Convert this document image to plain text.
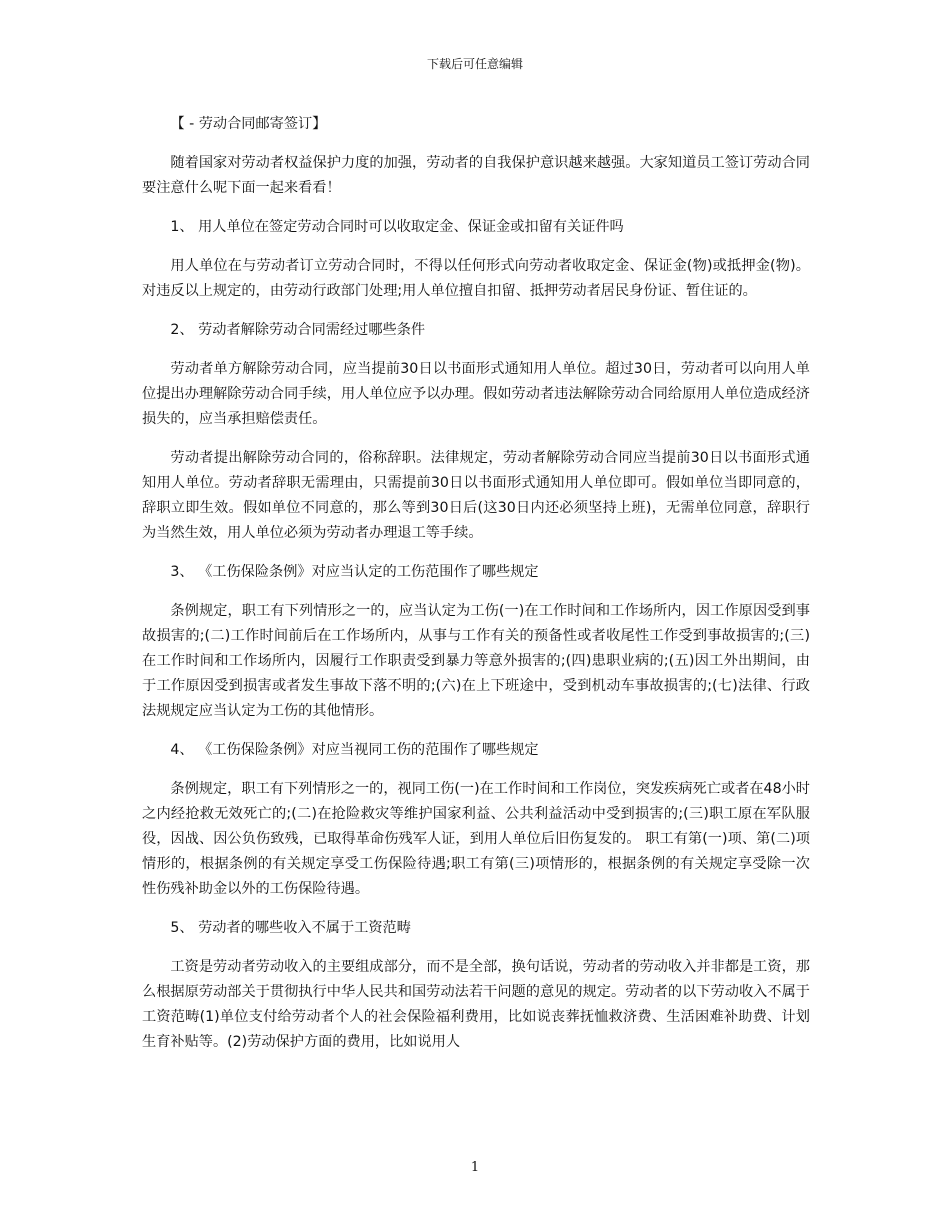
下载后可任意编辑
【 - 劳动合同邮寄签订】
随着国家对劳动者权益保护力度的加强，劳动者的自我保护意识越来越强。大家知道员工签订劳动合同要注意什么呢下面一起来看看！
1、 用人单位在签定劳动合同时可以收取定金、保证金或扣留有关证件吗
用人单位在与劳动者订立劳动合同时，不得以任何形式向劳动者收取定金、保证金(物)或抵押金(物)。对违反以上规定的，由劳动行政部门处理;用人单位擅自扣留、抵押劳动者居民身份证、暂住证的。
2、 劳动者解除劳动合同需经过哪些条件
劳动者单方解除劳动合同，应当提前30日以书面形式通知用人单位。超过30日，劳动者可以向用人单位提出办理解除劳动合同手续，用人单位应予以办理。假如劳动者违法解除劳动合同给原用人单位造成经济损失的，应当承担赔偿责任。
劳动者提出解除劳动合同的，俗称辞职。法律规定，劳动者解除劳动合同应当提前30日以书面形式通知用人单位。劳动者辞职无需理由，只需提前30日以书面形式通知用人单位即可。假如单位当即同意的，辞职立即生效。假如单位不同意的，那么等到30日后(这30日内还必须坚持上班)，无需单位同意，辞职行为当然生效，用人单位必须为劳动者办理退工等手续。
3、 《工伤保险条例》对应当认定的工伤范围作了哪些规定
条例规定，职工有下列情形之一的，应当认定为工伤(一)在工作时间和工作场所内，因工作原因受到事故损害的;(二)工作时间前后在工作场所内，从事与工作有关的预备性或者收尾性工作受到事故损害的;(三)在工作时间和工作场所内，因履行工作职责受到暴力等意外损害的;(四)患职业病的;(五)因工外出期间，由于工作原因受到损害或者发生事故下落不明的;(六)在上下班途中，受到机动车事故损害的;(七)法律、行政法规规定应当认定为工伤的其他情形。
4、 《工伤保险条例》对应当视同工伤的范围作了哪些规定
条例规定，职工有下列情形之一的，视同工伤(一)在工作时间和工作岗位，突发疾病死亡或者在48小时之内经抢救无效死亡的;(二)在抢险救灾等维护国家利益、公共利益活动中受到损害的;(三)职工原在军队服役，因战、因公负伤致残，已取得革命伤残军人证，到用人单位后旧伤复发的。 职工有第(一)项、第(二)项情形的，根据条例的有关规定享受工伤保险待遇;职工有第(三)项情形的，根据条例的有关规定享受除一次性伤残补助金以外的工伤保险待遇。
5、 劳动者的哪些收入不属于工资范畴
工资是劳动者劳动收入的主要组成部分，而不是全部，换句话说，劳动者的劳动收入并非都是工资，那么根据原劳动部关于贯彻执行中华人民共和国劳动法若干问题的意见的规定。劳动者的以下劳动收入不属于工资范畴(1)单位支付给劳动者个人的社会保险福利费用，比如说丧葬抚恤救济费、生活困难补助费、计划生育补贴等。(2)劳动保护方面的费用，比如说用人
1
